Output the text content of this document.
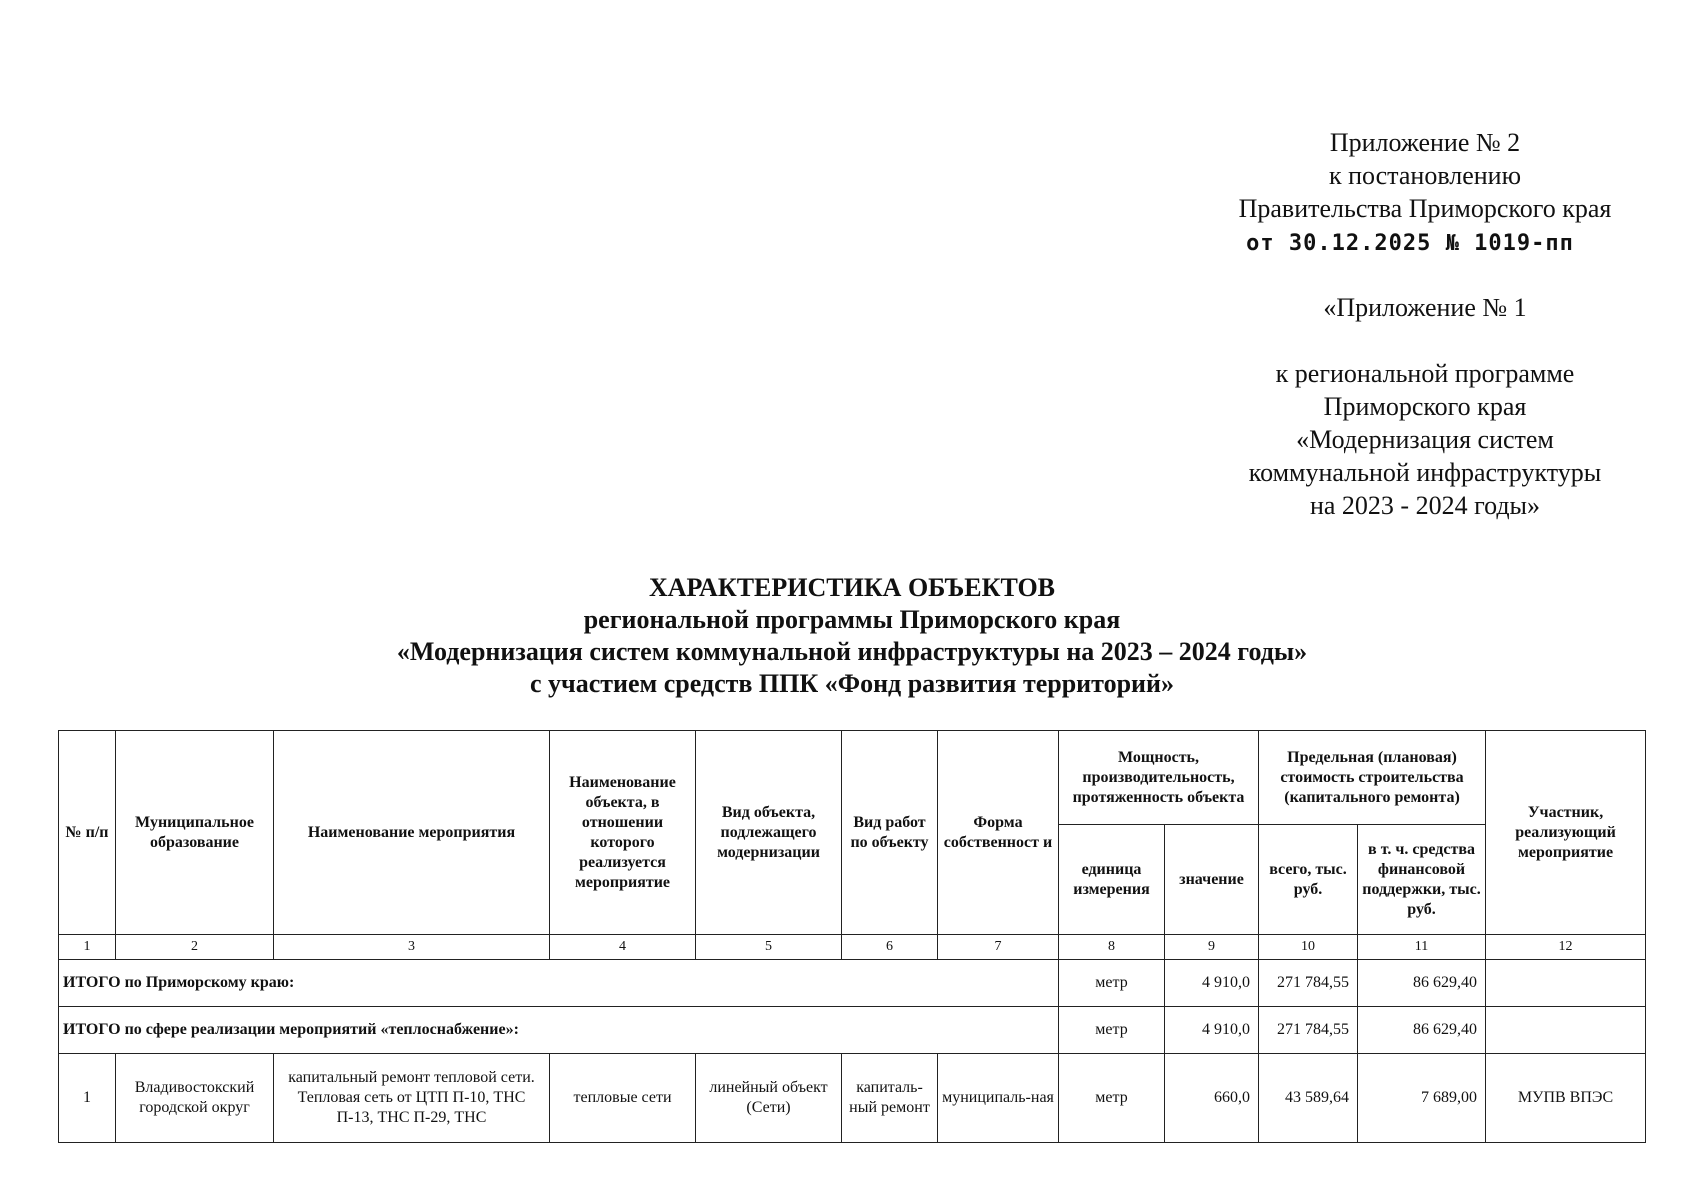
Приложение № 2
к постановлению
Правительства Приморского края
от 30.12.2025 № 1019-пп
«Приложение № 1
к региональной программе
Приморского края
«Модернизация систем
коммунальной инфраструктуры
на 2023 - 2024 годы»
ХАРАКТЕРИСТИКА ОБЪЕКТОВ
региональной программы Приморского края
«Модернизация систем коммунальной инфраструктуры на 2023 – 2024 годы»
с участием средств ППК «Фонд развития территорий»
№ п/п	Муниципальное образование	Наименование мероприятия	Наименование объекта, в отношении которого реализуется мероприятие	Вид объекта, подлежащего модернизации	Вид работ по объекту	Форма собственност и	Мощность, производительность, протяженность объекта		Предельная (плановая) стоимость строительства (капитального ремонта)		Участник, реализующий мероприятие
							единица измерения	значение	всего, тыс. руб.	в т. ч. средства финансовой поддержки, тыс. руб.	
1	2	3	4	5	6	7	8	9	10	11	12
ИТОГО по Приморскому краю:							метр	4 910,0	271 784,55	86 629,40	
ИТОГО по сфере реализации мероприятий «теплоснабжение»:							метр	4 910,0	271 784,55	86 629,40	
1	Владивостокский городской округ	капитальный ремонт тепловой сети. Тепловая сеть от ЦТП П-10, ТНС П-13, ТНС П-29, ТНС	тепловые сети	линейный объект (Сети)	капиталь-ный ремонт	муниципаль-ная	метр	660,0	43 589,64	7 689,00	МУПВ ВПЭС
